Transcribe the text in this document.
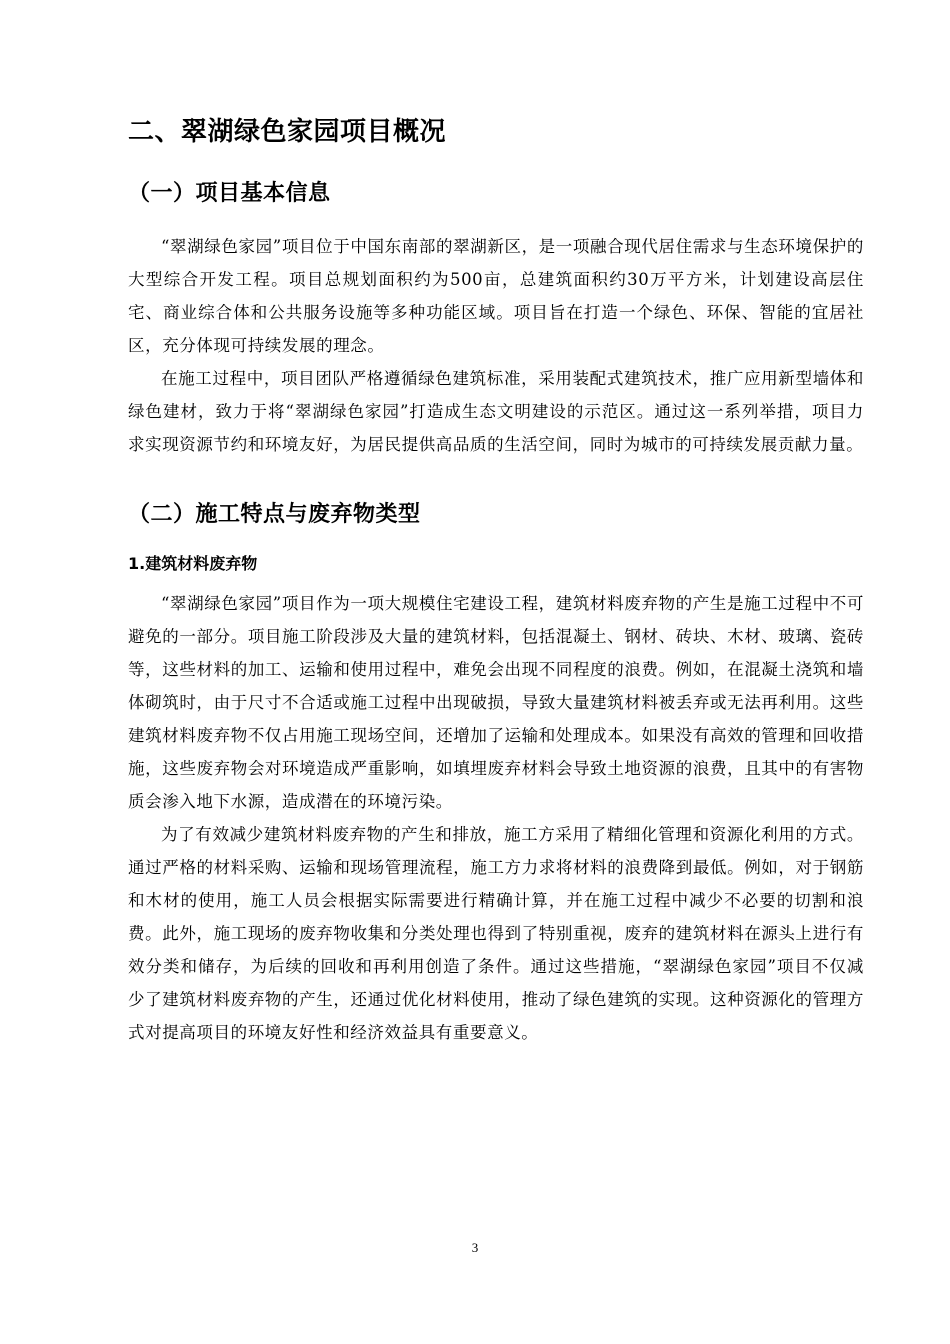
二、翠湖绿色家园项目概况
（一）项目基本信息

“翠湖绿色家园”项目位于中国东南部的翠湖新区，是一项融合现代居住需求与生态环境保护的大型综合开发工程。项目总规划面积约为500亩，总建筑面积约30万平方米，计划建设高层住宅、商业综合体和公共服务设施等多种功能区域。项目旨在打造一个绿色、环保、智能的宜居社区，充分体现可持续发展的理念。

在施工过程中，项目团队严格遵循绿色建筑标准，采用装配式建筑技术，推广应用新型墙体和绿色建材，致力于将“翠湖绿色家园”打造成生态文明建设的示范区。通过这一系列举措，项目力求实现资源节约和环境友好，为居民提供高品质的生活空间，同时为城市的可持续发展贡献力量。

（二）施工特点与废弃物类型
1.建筑材料废弃物

“翠湖绿色家园”项目作为一项大规模住宅建设工程，建筑材料废弃物的产生是施工过程中不可避免的一部分。项目施工阶段涉及大量的建筑材料，包括混凝土、钢材、砖块、木材、玻璃、瓷砖等，这些材料的加工、运输和使用过程中，难免会出现不同程度的浪费。例如，在混凝土浇筑和墙体砌筑时，由于尺寸不合适或施工过程中出现破损，导致大量建筑材料被丢弃或无法再利用。这些建筑材料废弃物不仅占用施工现场空间，还增加了运输和处理成本。如果没有高效的管理和回收措施，这些废弃物会对环境造成严重影响，如填埋废弃材料会导致土地资源的浪费，且其中的有害物质会渗入地下水源，造成潜在的环境污染。

为了有效减少建筑材料废弃物的产生和排放，施工方采用了精细化管理和资源化利用的方式。通过严格的材料采购、运输和现场管理流程，施工方力求将材料的浪费降到最低。例如，对于钢筋和木材的使用，施工人员会根据实际需要进行精确计算，并在施工过程中减少不必要的切割和浪费。此外，施工现场的废弃物收集和分类处理也得到了特别重视，废弃的建筑材料在源头上进行有效分类和储存，为后续的回收和再利用创造了条件。通过这些措施，“翠湖绿色家园”项目不仅减少了建筑材料废弃物的产生，还通过优化材料使用，推动了绿色建筑的实现。这种资源化的管理方式对提高项目的环境友好性和经济效益具有重要意义。

3
